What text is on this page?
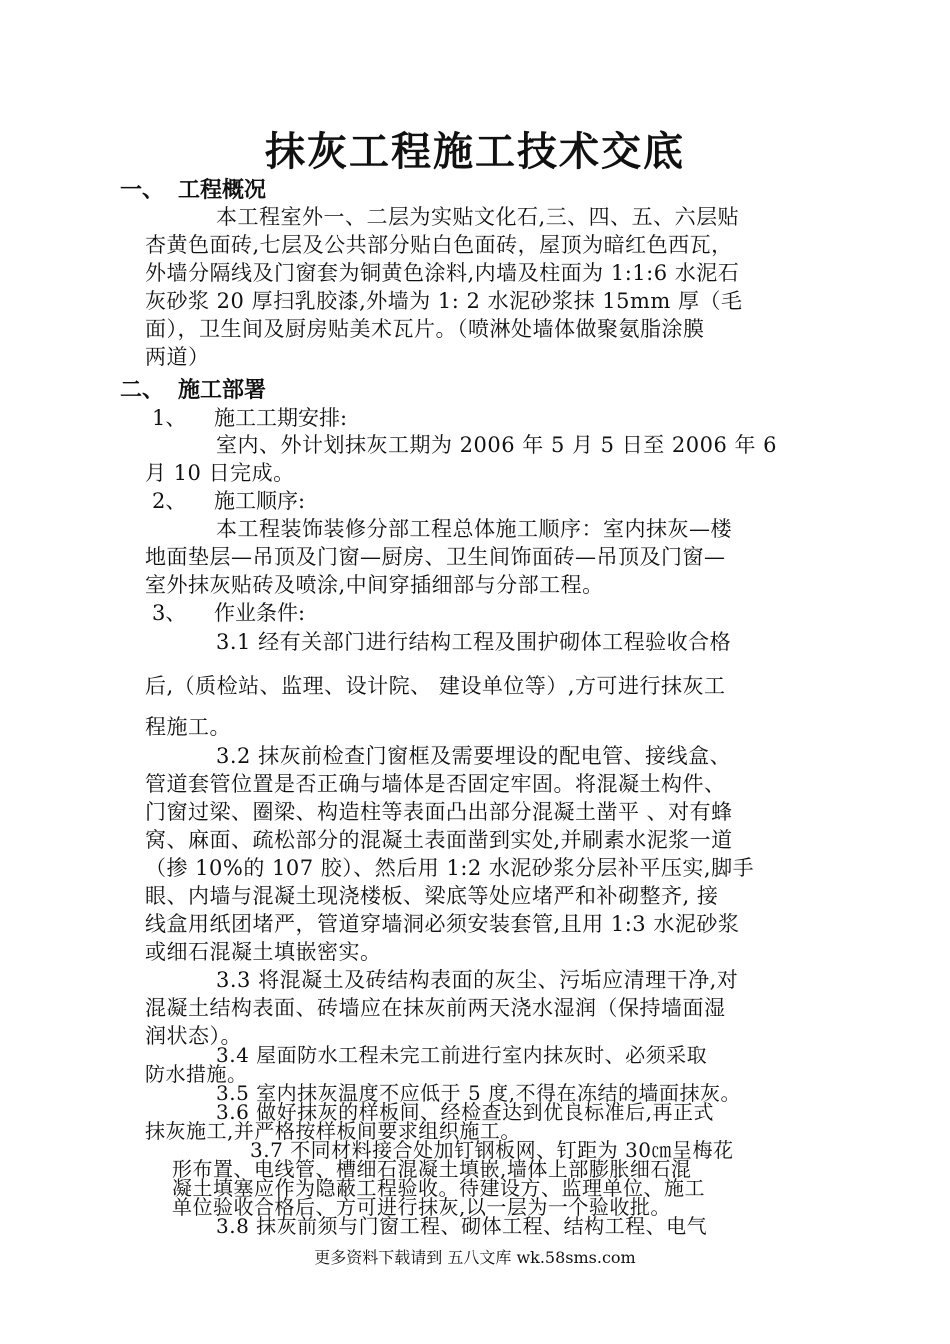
抹灰工程施工技术交底
一、 工程概况
本工程室外一、二层为实贴文化石,三、四、五、六层贴
杏黄色面砖,七层及公共部分贴白色面砖，屋顶为暗红色西瓦，
外墙分隔线及门窗套为铜黄色涂料,内墙及柱面为 1:1:6 水泥石
灰砂浆 20 厚扫乳胶漆,外墙为 1: 2 水泥砂浆抹 15mm 厚（毛
面），卫生间及厨房贴美术瓦片。（喷淋处墙体做聚氨脂涂膜
两道）
二、 施工部署
1、 施工工期安排:
室内、外计划抹灰工期为 2006 年 5 月 5 日至 2006 年 6
月 10 日完成。
2、 施工顺序:
本工程装饰装修分部工程总体施工顺序：室内抹灰—楼
地面垫层—吊顶及门窗—厨房、卫生间饰面砖—吊顶及门窗—
室外抹灰贴砖及喷涂,中间穿插细部与分部工程。
3、 作业条件:
3.1 经有关部门进行结构工程及围护砌体工程验收合格
后,（质检站、监理、设计院、 建设单位等）,方可进行抹灰工
程施工。
3.2 抹灰前检查门窗框及需要埋设的配电管、接线盒、
管道套管位置是否正确与墙体是否固定牢固。将混凝土构件、
门窗过梁、圈梁、构造柱等表面凸出部分混凝土凿平 、对有蜂
窝、麻面、疏松部分的混凝土表面凿到实处,并刷素水泥浆一道
（掺 10%的 107 胶）、然后用 1:2 水泥砂浆分层补平压实,脚手
眼、内墙与混凝土现浇楼板、梁底等处应堵严和补砌整齐, 接
线盒用纸团堵严，管道穿墙洞必须安装套管,且用 1:3 水泥砂浆
或细石混凝土填嵌密实。
3.3 将混凝土及砖结构表面的灰尘、污垢应清理干净,对
混凝土结构表面、砖墙应在抹灰前两天浇水湿润（保持墙面湿
润状态）。
3.4 屋面防水工程未完工前进行室内抹灰时、必须采取
防水措施。
3.5 室内抹灰温度不应低于 5 度,不得在冻结的墙面抹灰。
3.6 做好抹灰的样板间、经检查达到优良标准后,再正式
抹灰施工,并严格按样板间要求组织施工。
3.7 不同材料接合处加钉钢板网、钉距为 30㎝呈梅花
形布置、电线管、槽细石混凝土填嵌,墙体上部膨胀细石混
凝土填塞应作为隐蔽工程验收。待建设方、监理单位、施工
单位验收合格后、方可进行抹灰,以一层为一个验收批。
3.8 抹灰前须与门窗工程、砌体工程、结构工程、电气
更多资料下载请到 五八文库 wk.58sms.com
